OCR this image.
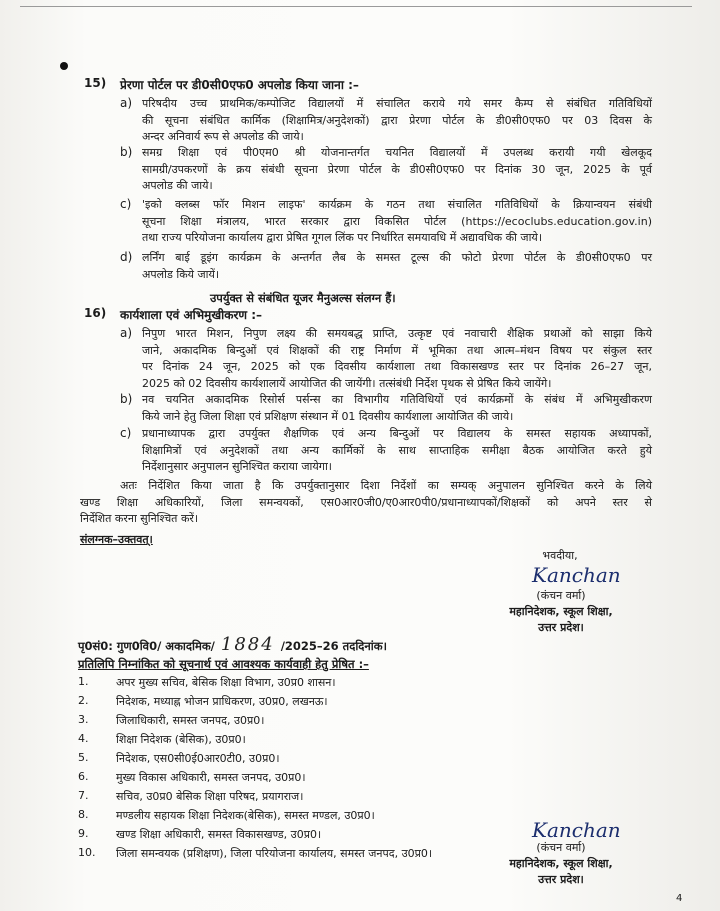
15) प्रेरणा पोर्टल पर डी0सी0एफ0 अपलोड किया जाना :–
a) परिषदीय उच्च प्राथमिक/कम्पोजिट विद्यालयों में संचालित कराये गये समर कैम्प से संबंधित गतिविधियों
की सूचना संबंधित कार्मिक (शिक्षामित्र/अनुदेशकों) द्वारा प्रेरणा पोर्टल के डी0सी0एफ0 पर 03 दिवस के
अन्दर अनिवार्य रूप से अपलोड की जाये।
b) समग्र शिक्षा एवं पी0एम0 श्री योजनान्तर्गत चयनित विद्यालयों में उपलब्ध करायी गयी खेलकूद
सामग्री/उपकरणों के क्रय संबंधी सूचना प्रेरणा पोर्टल के डी0सी0एफ0 पर दिनांक 30 जून, 2025 के पूर्व
अपलोड की जाये।
c) 'इको क्लब्स फॉर मिशन लाइफ' कार्यक्रम के गठन तथा संचालित गतिविधियों के क्रियान्वयन संबंधी
सूचना शिक्षा मंत्रालय, भारत सरकार द्वारा विकसित पोर्टल (https://ecoclubs.education.gov.in)
तथा राज्य परियोजना कार्यालय द्वारा प्रेषित गूगल लिंक पर निर्धारित समयावधि में अद्यावधिक की जाये।
d) लर्निंग बाई डूइंग कार्यक्रम के अन्तर्गत लैब के समस्त टूल्स की फोटो प्रेरणा पोर्टल के डी0सी0एफ0 पर
अपलोड किये जायें।
उपर्युक्त से संबंधित यूजर मैनुअल्स संलग्न हैं।
16) कार्यशाला एवं अभिमुखीकरण :–
a) निपुण भारत मिशन, निपुण लक्ष्य की समयबद्ध प्राप्ति, उत्कृष्ट एवं नवाचारी शैक्षिक प्रथाओं को साझा किये
जाने, अकादमिक बिन्दुओं एवं शिक्षकों की राष्ट्र निर्माण में भूमिका तथा आत्म–मंथन विषय पर संकुल स्तर
पर दिनांक 24 जून, 2025 को एक दिवसीय कार्यशाला तथा विकासखण्ड स्तर पर दिनांक 26–27 जून,
2025 को 02 दिवसीय कार्यशालायें आयोजित की जायेंगी। तत्संबंधी निर्देश पृथक से प्रेषित किये जायेंगे।
b) नव चयनित अकादमिक रिसोर्स पर्सन्स का विभागीय गतिविधियों एवं कार्यक्रमों के संबंध में अभिमुखीकरण
किये जाने हेतु जिला शिक्षा एवं प्रशिक्षण संस्थान में 01 दिवसीय कार्यशाला आयोजित की जाये।
c) प्रधानाध्यापक द्वारा उपर्युक्त शैक्षणिक एवं अन्य बिन्दुओं पर विद्यालय के समस्त सहायक अध्यापकों,
शिक्षामित्रों एवं अनुदेशकों तथा अन्य कार्मिकों के साथ साप्ताहिक समीक्षा बैठक आयोजित करते हुये
निर्देशानुसार अनुपालन सुनिश्चित कराया जायेगा।
अतः निर्देशित किया जाता है कि उपर्युक्तानुसार दिशा निर्देशों का सम्यक् अनुपालन सुनिश्चित करने के लिये
खण्ड शिक्षा अधिकारियों, जिला समन्वयकों, एस0आर0जी0/ए0आर0पी0/प्रधानाध्यापकों/शिक्षकों को अपने स्तर से
निर्देशित करना सुनिश्चित करें।
संलग्नक–उक्तवत्।
भवदीया,
Kanchan
(कंचन वर्मा)
महानिदेशक, स्कूल शिक्षा,
उत्तर प्रदेश।
पृ0सं0: गुण0वि0/ अकादमिक/ 1884 /2025–26 तददिनांक।
प्रतिलिपि निम्नांकित को सूचनार्थ एवं आवश्यक कार्यवाही हेतु प्रेषित :–
1.	अपर मुख्य सचिव, बेसिक शिक्षा विभाग, उ0प्र0 शासन।
2.	निदेशक, मध्याह्न भोजन प्राधिकरण, उ0प्र0, लखनऊ।
3.	जिलाधिकारी, समस्त जनपद, उ0प्र0।
4.	शिक्षा निदेशक (बेसिक), उ0प्र0।
5.	निदेशक, एस0सी0ई0आर0टी0, उ0प्र0।
6.	मुख्य विकास अधिकारी, समस्त जनपद, उ0प्र0।
7.	सचिव, उ0प्र0 बेसिक शिक्षा परिषद, प्रयागराज।
8.	मण्डलीय सहायक शिक्षा निदेशक(बेसिक), समस्त मण्डल, उ0प्र0।
9.	खण्ड शिक्षा अधिकारी, समस्त विकासखण्ड, उ0प्र0।
10. जिला समन्वयक (प्रशिक्षण), जिला परियोजना कार्यालय, समस्त जनपद, उ0प्र0।
Kanchan
(कंचन वर्मा)
महानिदेशक, स्कूल शिक्षा,
उत्तर प्रदेश।
4
